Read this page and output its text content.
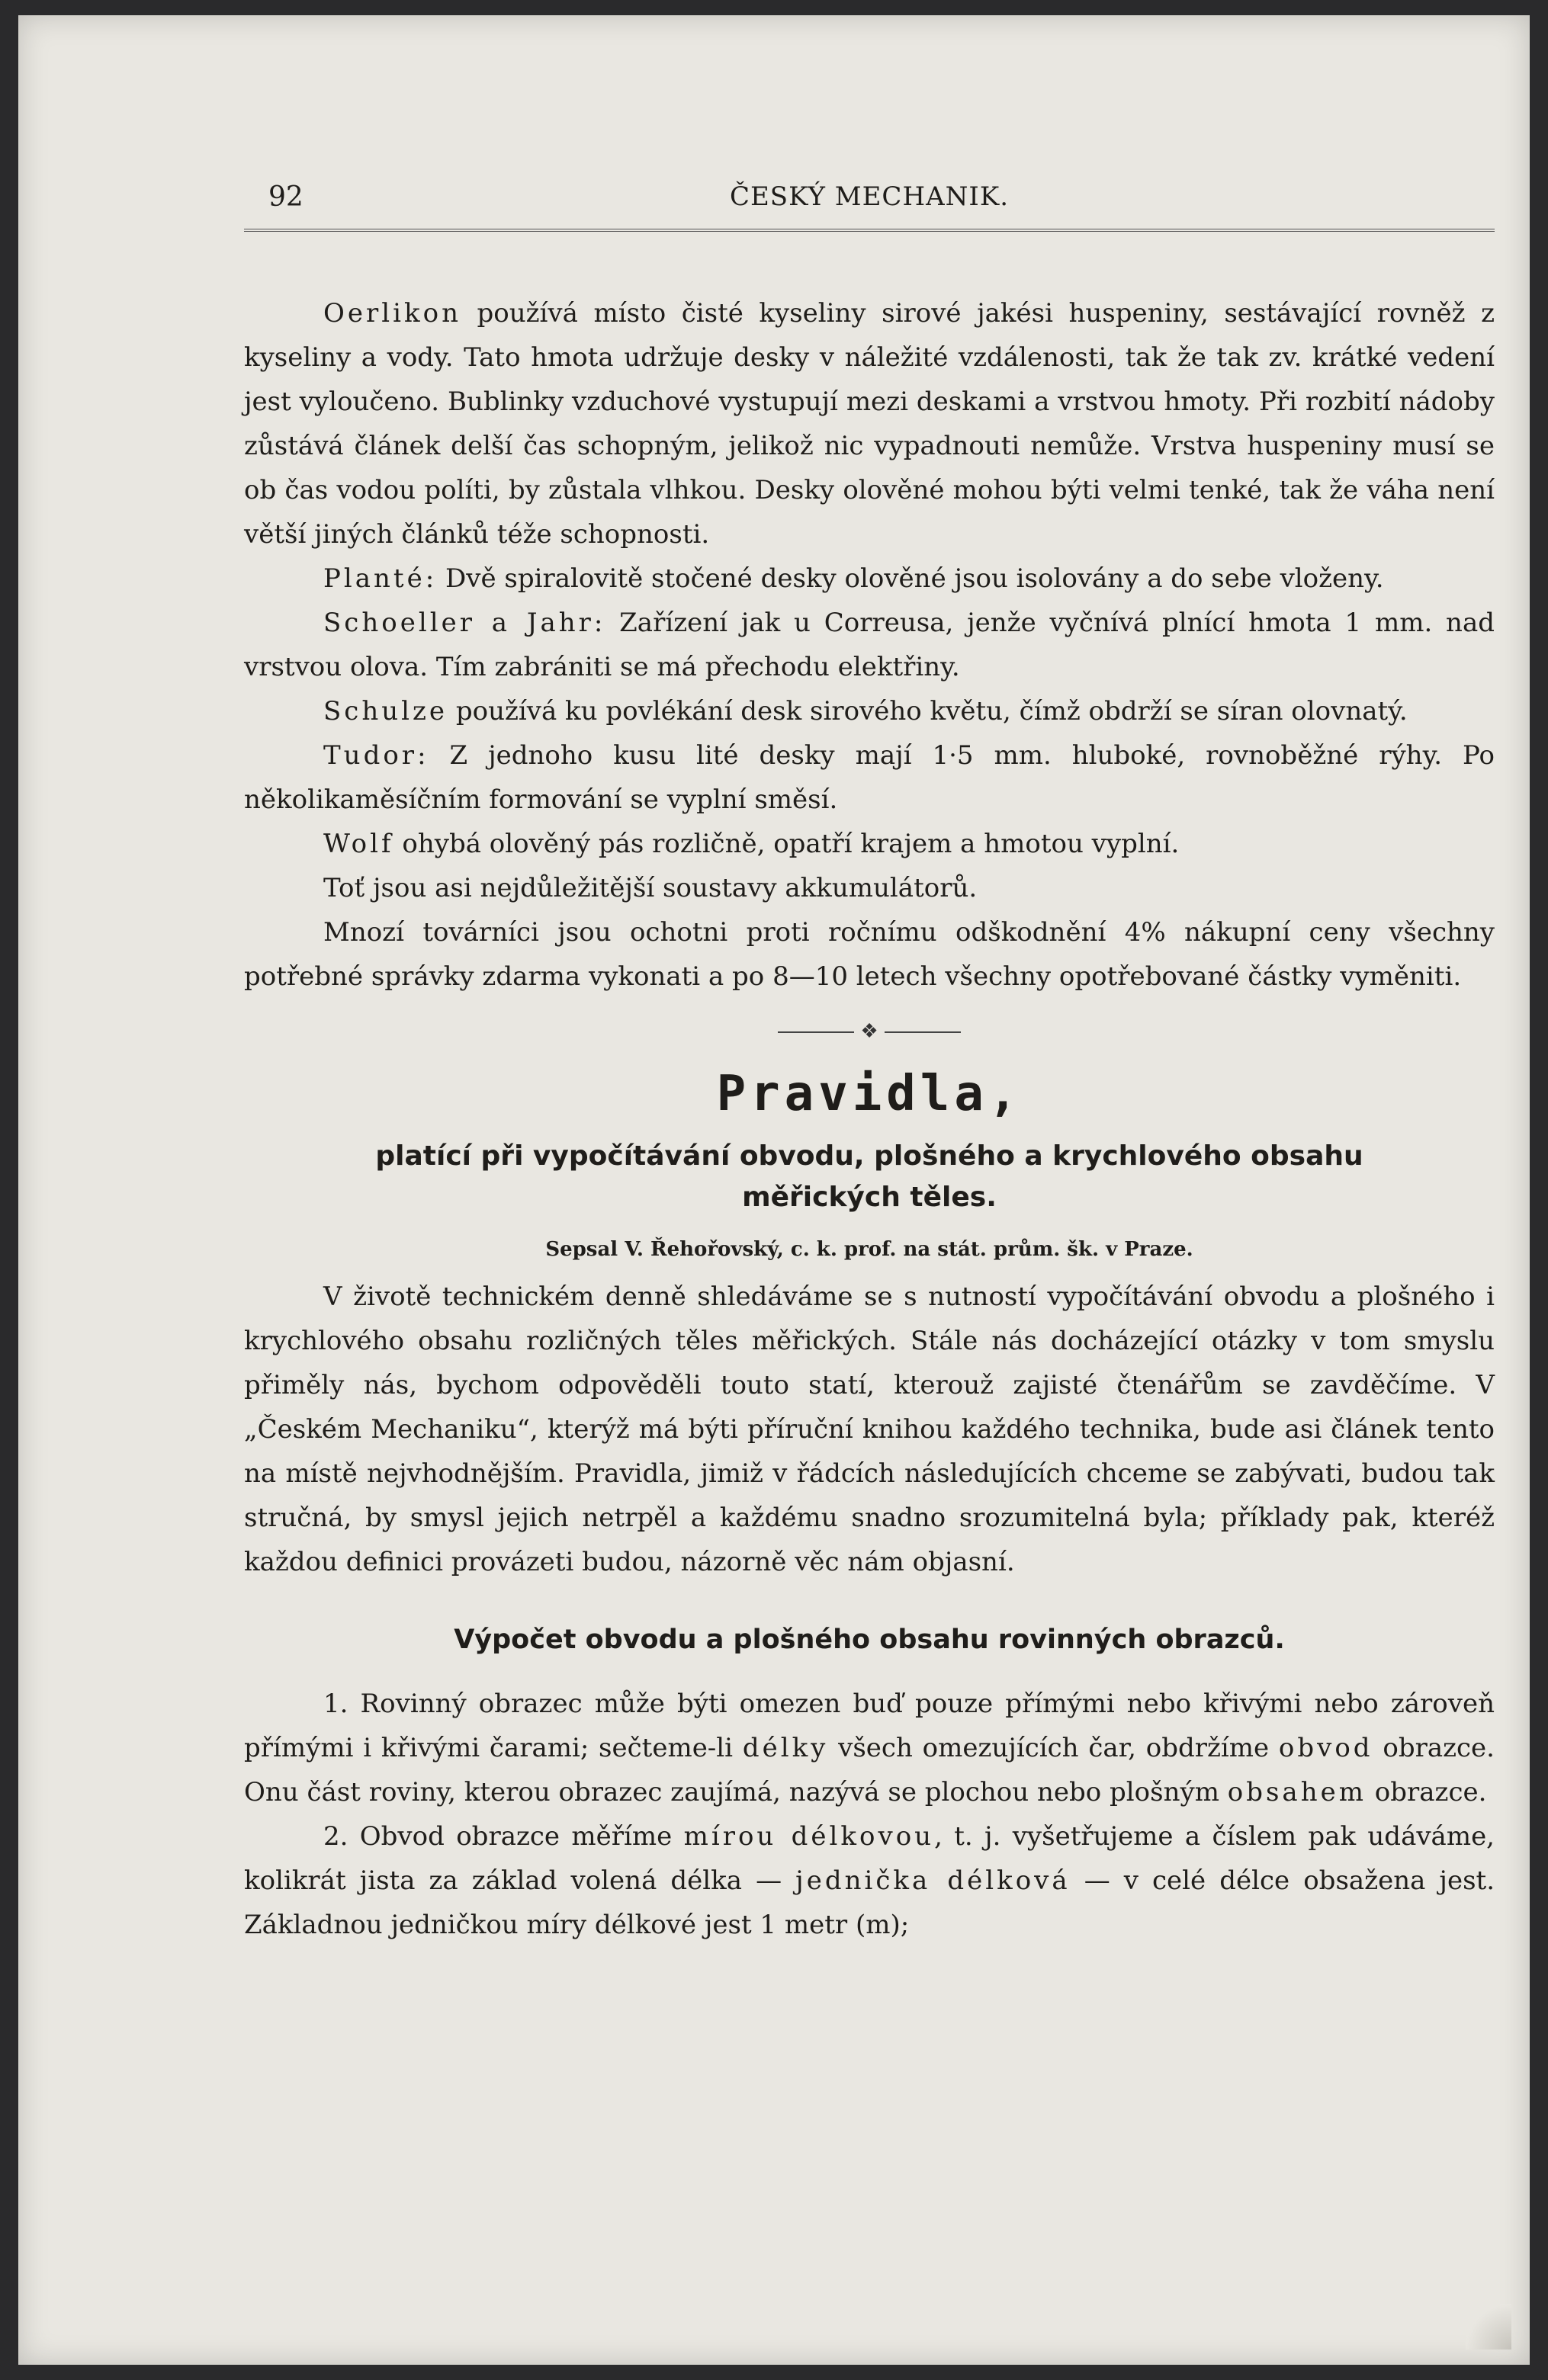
92	ČESKÝ MECHANIK.

Oerlikon používá místo čisté kyseliny sirové jakési huspeniny, sestávající rovněž z kyseliny a vody. Tato hmota udržuje desky v náležité vzdálenosti, tak že tak zv. krátké vedení jest vyloučeno. Bublinky vzduchové vystupují mezi deskami a vrstvou hmoty. Při rozbití nádoby zůstává článek delší čas schopným, jelikož nic vypadnouti nemůže. Vrstva huspeniny musí se ob čas vodou políti, by zůstala vlhkou. Desky olověné mohou býti velmi tenké, tak že váha není větší jiných článků téže schopnosti.

Planté: Dvě spiralovitě stočené desky olověné jsou isolovány a do sebe vloženy.

Schoeller a Jahr: Zařízení jak u Correusa, jenže vyčnívá plnící hmota 1 mm. nad vrstvou olova. Tím zabrániti se má přechodu elektřiny.

Schulze používá ku povlékání desk sirového květu, čímž obdrží se síran olovnatý.

Tudor: Z jednoho kusu lité desky mají 1·5 mm. hluboké, rovnoběžné rýhy. Po několikaměsíčním formování se vyplní směsí.

Wolf ohybá olověný pás rozličně, opatří krajem a hmotou vyplní.

Toť jsou asi nejdůležitější soustavy akkumulátorů.

Mnozí továrníci jsou ochotni proti ročnímu odškodnění 4% nákupní ceny všechny potřebné správky zdarma vykonati a po 8—10 letech všechny opotřebované částky vyměniti.

❖
Pravidla,
platící při vypočítávání obvodu, plošného a krychlového obsahu měřických těles.
Sepsal V. Řehořovský, c. k. prof. na stát. prům. šk. v Praze.

V životě technickém denně shledáváme se s nutností vypočítávání obvodu a plošného i krychlového obsahu rozličných těles měřických. Stále nás docházející otázky v tom smyslu přiměly nás, bychom odpověděli touto statí, kterouž zajisté čtenářům se zavděčíme. V „Českém Mechaniku“, kterýž má býti příruční knihou každého technika, bude asi článek tento na místě nejvhodnějším. Pravidla, jimiž v řádcích následujících chceme se zabývati, budou tak stručná, by smysl jejich netrpěl a každému snadno srozumitelná byla; příklady pak, kteréž každou definici provázeti budou, názorně věc nám objasní.

Výpočet obvodu a plošného obsahu rovinných obrazců.

1. Rovinný obrazec může býti omezen buď pouze přímými nebo křivými nebo zároveň přímými i křivými čarami; sečteme-li délky všech omezujících čar, obdržíme obvod obrazce. Onu část roviny, kterou obrazec zaujímá, nazývá se plochou nebo plošným obsahem obrazce.

2. Obvod obrazce měříme mírou délkovou, t. j. vyšetřujeme a číslem pak udáváme, kolikrát jista za základ volená délka — jednička délková — v celé délce obsažena jest. Základnou jedničkou míry délkové jest 1 metr (m);
